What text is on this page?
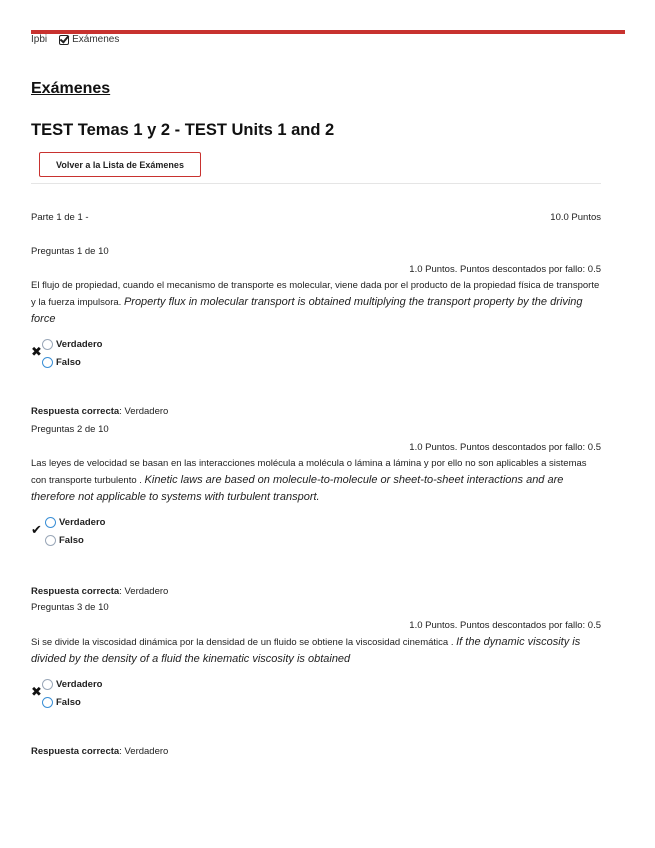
Ipbi	Exámenes
Exámenes
TEST Temas 1 y 2 - TEST Units 1 and 2
Volver a la Lista de Exámenes
Parte 1 de 1 -	10.0 Puntos
Preguntas 1 de 10
1.0 Puntos. Puntos descontados por fallo: 0.5
El flujo de propiedad, cuando el mecanismo de transporte es molecular, viene dada por el producto de la propiedad física de transporte y la fuerza impulsora. Property flux in molecular transport is obtained multiplying the transport property by the driving force
✖ Verdadero
Falso
Respuesta correcta: Verdadero
Preguntas 2 de 10
1.0 Puntos. Puntos descontados por fallo: 0.5
Las leyes de velocidad se basan en las interacciones molécula a molécula o lámina a lámina y por ello no son aplicables a sistemas con transporte turbulento . Kinetic laws are based on molecule-to-molecule or sheet-to-sheet interactions and are therefore not applicable to systems with turbulent transport.
✔ Verdadero
Falso
Respuesta correcta: Verdadero
Preguntas 3 de 10
1.0 Puntos. Puntos descontados por fallo: 0.5
Si se divide la viscosidad dinámica por la densidad de un fluido se obtiene la viscosidad cinemática . If the dynamic viscosity is divided by the density of a fluid the kinematic viscosity is obtained
✖ Verdadero
Falso
Respuesta correcta: Verdadero
